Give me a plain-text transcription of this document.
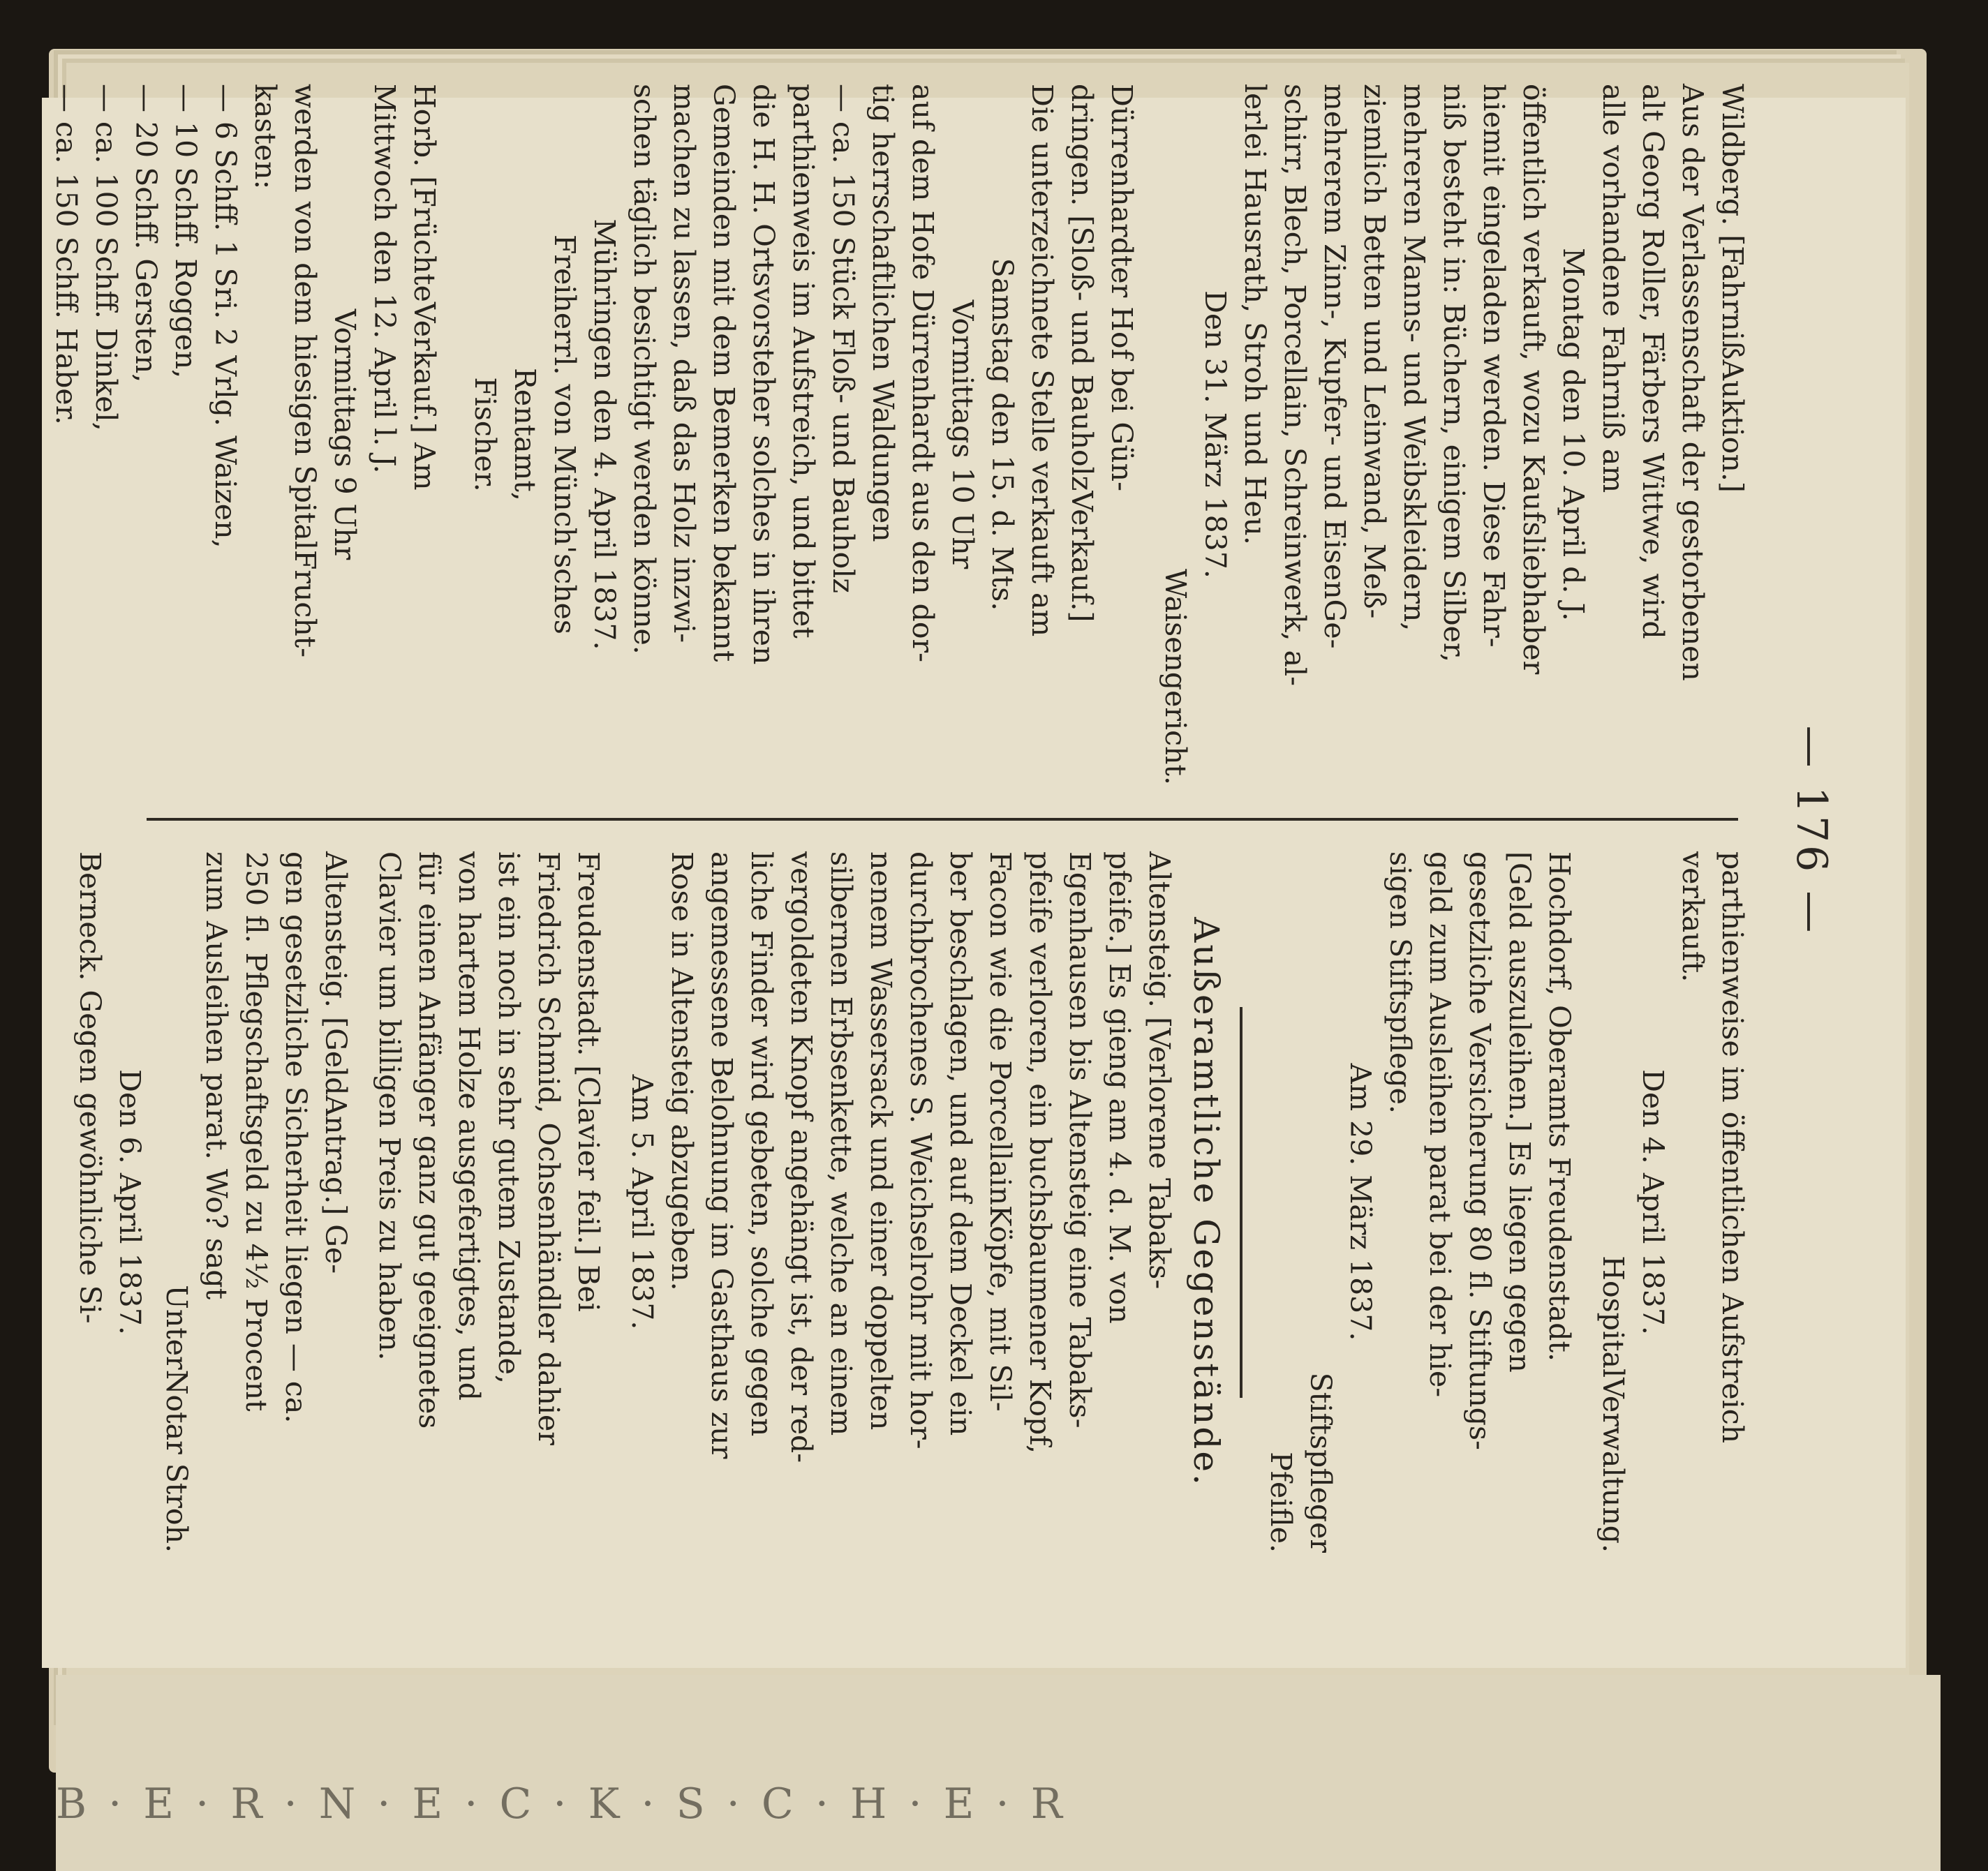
B · E · R · N · E · C · K · S · C · H · E · R
— 176 —

Wildberg. [FahrnißAuktion.]

Aus der Verlassenschaft der gestorbenen

alt Georg Roller, Färbers Wittwe, wird

alle vorhandene Fahrniß am

Montag den 10. April d. J.

öffentlich verkauft, wozu Kaufsliebhaber

hiemit eingeladen werden. Diese Fahr-

niß besteht in: Büchern, einigem Silber,

mehreren Manns- und Weibskleidern,

ziemlich Betten und Leinwand, Meß-

mehrerem Zinn-, Kupfer- und EisenGe-

schirr, Blech, Porcellain, Schreinwerk, al-

lerlei Hausrath, Stroh und Heu.

Den 31. März 1837.

Waisengericht.

Dürrenhardter Hof bei Gün-

dringen. [Sloß- und BauholzVerkauf.]

Die unterzeichnete Stelle verkauft am

Samstag den 15. d. Mts.

Vormittags 10 Uhr

auf dem Hofe Dürrenhardt aus den dor-

tig herrschaftlichen Waldungen

— ca. 150 Stück Floß- und Bauholz

parthienweis im Aufstreich, und bittet

die H. H. Ortsvorsteher solches in ihren

Gemeinden mit dem Bemerken bekannt

machen zu lassen, daß das Holz inzwi-

schen täglich besichtigt werden könne.

Mühringen den 4. April 1837.

Freiherrl. von Münch'sches

Rentamt,

Fischer.

Horb. [FrüchteVerkauf.] Am

Mittwoch den 12. April l. J.

Vormittags 9 Uhr

werden von dem hiesigen SpitalFrucht-

kasten:

— 6 Schff. 1 Sri. 2 Vrlg. Waizen,

— 10 Schff. Roggen,

— 20 Schff. Gersten,

— ca. 100 Schff. Dinkel,

— ca. 150 Schff. Haber.

parthienweise im öffentlichen Aufstreich

verkauft.

Den 4. April 1837.

HospitalVerwaltung.

Hochdorf, Oberamts Freudenstadt.

[Geld auszuleihen.] Es liegen gegen

gesetzliche Versicherung 80 fl. Stiftungs-

geld zum Ausleihen parat bei der hie-

sigen Stiftspflege.

Am 29. März 1837.

Stiftspfleger

Pfeifle.

Außeramtliche Gegenstände.

Altensteig. [Verlorene Tabaks-

pfeife.] Es gieng am 4. d. M. von

Egenhausen bis Altensteig eine Tabaks-

pfeife verloren, ein buchsbaumener Kopf,

Facon wie die PorcellainKöpfe, mit Sil-

ber beschlagen, und auf dem Deckel ein

durchbrochenes S. Weichselrohr mit hor-

nenem Wassersack und einer doppelten

silbernen Erbsenkette, welche an einem

vergoldeten Knopf angehängt ist, der red-

liche Finder wird gebeten, solche gegen

angemessene Belohnung im Gasthaus zur

Rose in Altensteig abzugeben.

Am 5. April 1837.

Freudenstadt. [Clavier feil.] Bei

Friedrich Schmid, Ochsenhändler dahier

ist ein noch in sehr gutem Zustande,

von hartem Holze ausgefertigtes, und

für einen Anfänger ganz gut geeignetes

Clavier um billigen Preis zu haben.

Altensteig. [GeldAntrag.] Ge-

gen gesetzliche Sicherheit liegen — ca.

250 fl. Pflegschaftsgeld zu 4½ Procent

zum Ausleihen parat. Wo? sagt

UnterNotar Stroh.

Den 6. April 1837.

Berneck. Gegen gewöhnliche Si-
